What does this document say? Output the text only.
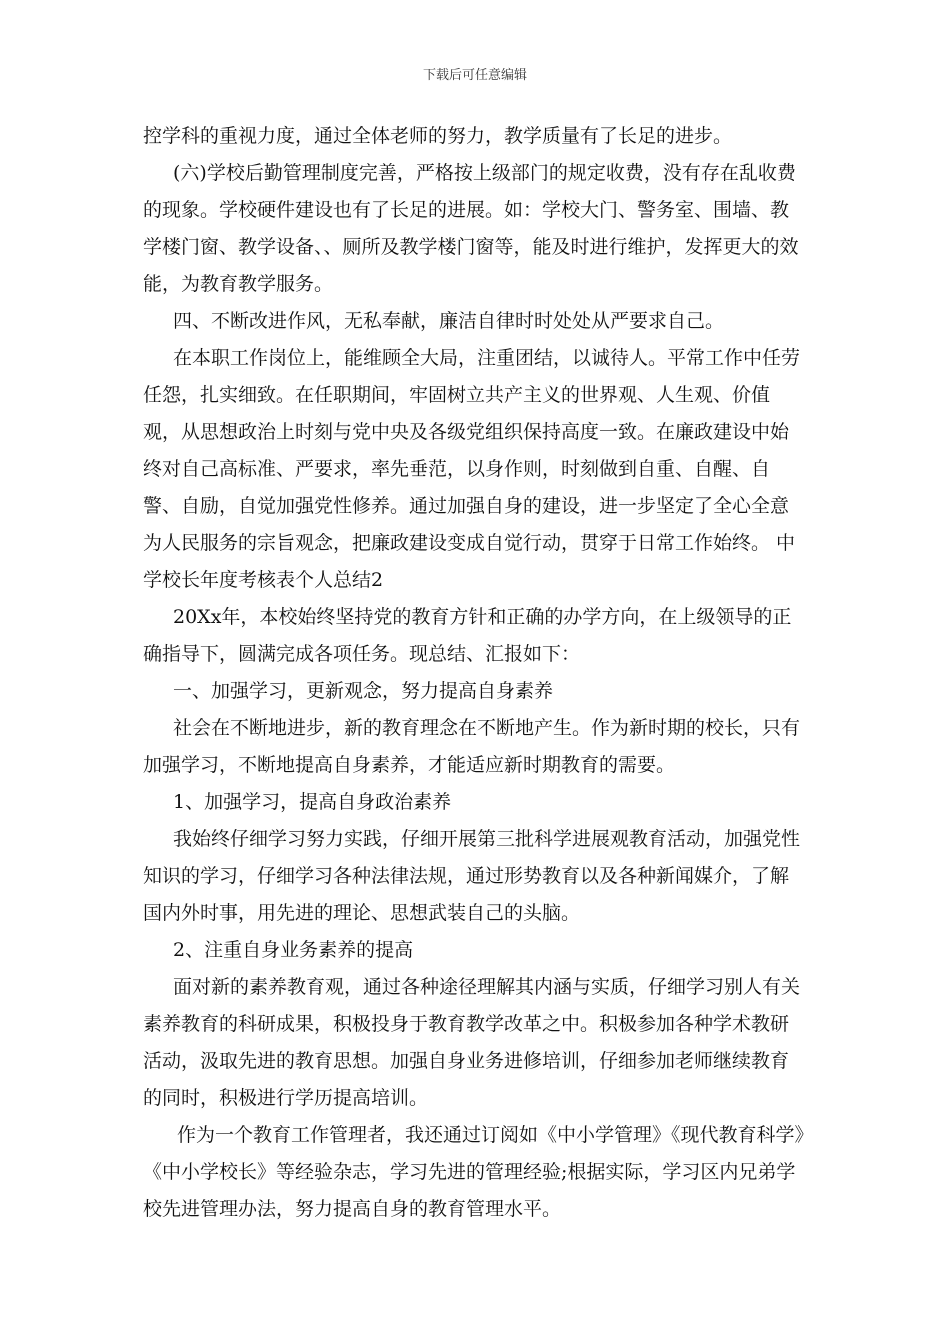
下载后可任意编辑

控学科的重视力度，通过全体老师的努力，教学质量有了长足的进步。

(六)学校后勤管理制度完善，严格按上级部门的规定收费，没有存在乱收费的现象。学校硬件建设也有了长足的进展。如：学校大门、警务室、围墙、教学楼门窗、教学设备、、厕所及教学楼门窗等，能及时进行维护，发挥更大的效能，为教育教学服务。

四、不断改进作风，无私奉献，廉洁自律时时处处从严要求自己。

在本职工作岗位上，能维顾全大局，注重团结，以诚待人。平常工作中任劳任怨，扎实细致。在任职期间，牢固树立共产主义的世界观、人生观、价值观，从思想政治上时刻与党中央及各级党组织保持高度一致。在廉政建设中始终对自己高标准、严要求，率先垂范，以身作则，时刻做到自重、自醒、自警、自励，自觉加强党性修养。通过加强自身的建设，进一步坚定了全心全意为人民服务的宗旨观念，把廉政建设变成自觉行动，贯穿于日常工作始终。 中学校长年度考核表个人总结2

20Xx年，本校始终坚持党的教育方针和正确的办学方向，在上级领导的正确指导下，圆满完成各项任务。现总结、汇报如下：

一、加强学习，更新观念，努力提高自身素养

社会在不断地进步，新的教育理念在不断地产生。作为新时期的校长，只有加强学习，不断地提高自身素养，才能适应新时期教育的需要。

1、加强学习，提高自身政治素养

我始终仔细学习努力实践，仔细开展第三批科学进展观教育活动，加强党性知识的学习，仔细学习各种法律法规，通过形势教育以及各种新闻媒介，了解国内外时事，用先进的理论、思想武装自己的头脑。

2、注重自身业务素养的提高

面对新的素养教育观，通过各种途径理解其内涵与实质，仔细学习别人有关素养教育的科研成果，积极投身于教育教学改革之中。积极参加各种学术教研活动，汲取先进的教育思想。加强自身业务进修培训，仔细参加老师继续教育的同时，积极进行学历提高培训。

作为一个教育工作管理者，我还通过订阅如《中小学管理》《现代教育科学》《中小学校长》等经验杂志，学习先进的管理经验;根据实际，学习区内兄弟学校先进管理办法，努力提高自身的教育管理水平。
